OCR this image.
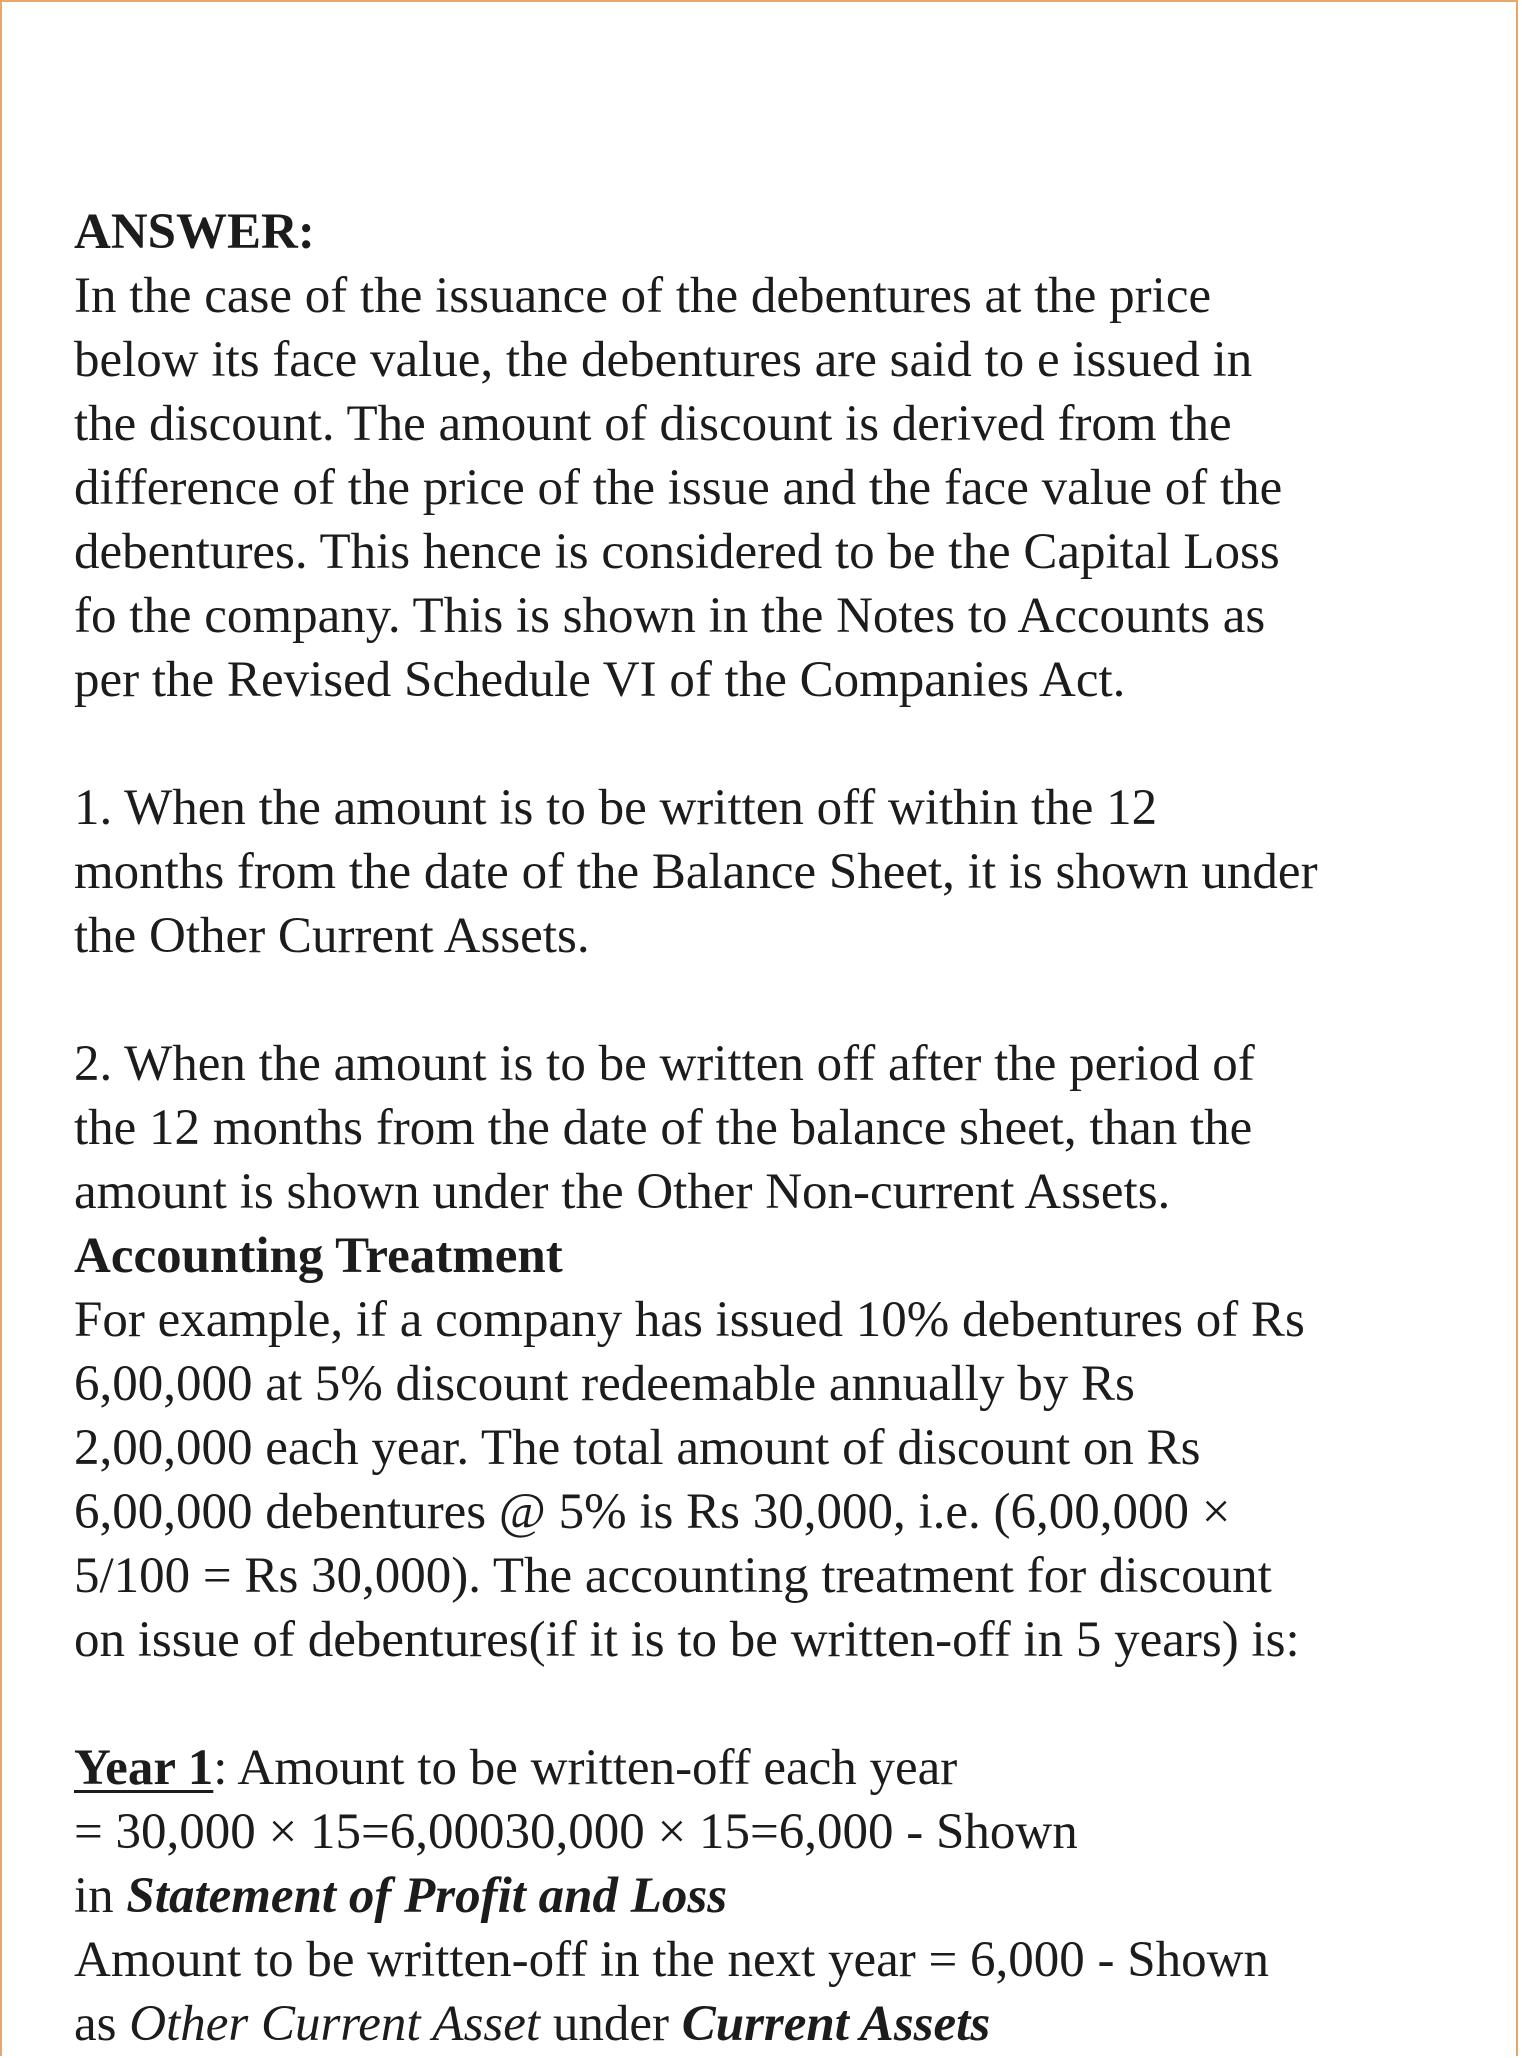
ANSWER:
In the case of the issuance of the debentures at the price
below its face value, the debentures are said to e issued in
the discount. The amount of discount is derived from the
difference of the price of the issue and the face value of the
debentures. This hence is considered to be the Capital Loss
fo the company. This is shown in the Notes to Accounts as
per the Revised Schedule VI of the Companies Act.
1. When the amount is to be written off within the 12
months from the date of the Balance Sheet, it is shown under
the Other Current Assets.
2. When the amount is to be written off after the period of
the 12 months from the date of the balance sheet, than the
amount is shown under the Other Non-current Assets.
Accounting Treatment
For example, if a company has issued 10% debentures of Rs
6,00,000 at 5% discount redeemable annually by Rs
2,00,000 each year. The total amount of discount on Rs
6,00,000 debentures @ 5% is Rs 30,000, i.e. (6,00,000 ×
5/100 = Rs 30,000). The accounting treatment for discount
on issue of debentures(if it is to be written-off in 5 years) is:
Year 1: Amount to be written-off each year
= 30,000 × 15=6,00030,000 × 15=6,000 - Shown
in Statement of Profit and Loss
Amount to be written-off in the next year = 6,000 - Shown
as Other Current Asset under Current Assets
